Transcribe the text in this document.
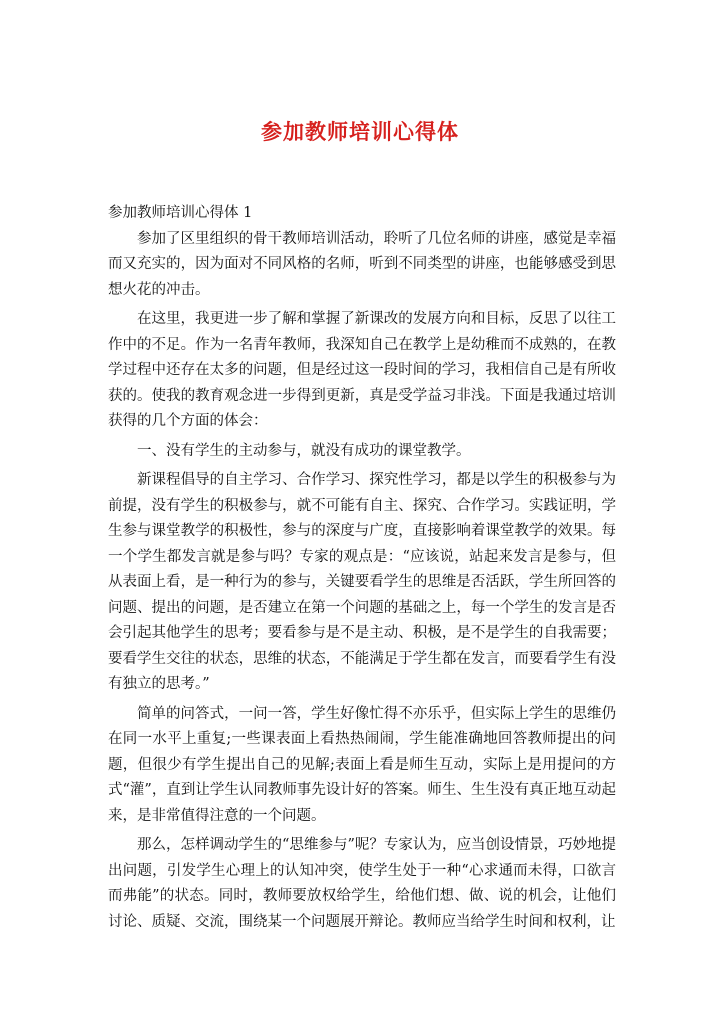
参加教师培训心得体

参加教师培训心得体 1

参加了区里组织的骨干教师培训活动，聆听了几位名师的讲座，感觉是幸福而又充实的，因为面对不同风格的名师，听到不同类型的讲座，也能够感受到思想火花的冲击。

在这里，我更进一步了解和掌握了新课改的发展方向和目标，反思了以往工作中的不足。作为一名青年教师，我深知自己在教学上是幼稚而不成熟的，在教学过程中还存在太多的问题，但是经过这一段时间的学习，我相信自己是有所收获的。使我的教育观念进一步得到更新，真是受学益习非浅。下面是我通过培训获得的几个方面的体会：

一、没有学生的主动参与，就没有成功的课堂教学。

新课程倡导的自主学习、合作学习、探究性学习，都是以学生的积极参与为前提，没有学生的积极参与，就不可能有自主、探究、合作学习。实践证明，学生参与课堂教学的积极性，参与的深度与广度，直接影响着课堂教学的效果。每一个学生都发言就是参与吗？专家的观点是：“应该说，站起来发言是参与，但从表面上看，是一种行为的参与，关键要看学生的思维是否活跃，学生所回答的问题、提出的问题，是否建立在第一个问题的基础之上，每一个学生的发言是否会引起其他学生的思考；要看参与是不是主动、积极，是不是学生的自我需要；要看学生交往的状态，思维的状态，不能满足于学生都在发言，而要看学生有没有独立的思考。”

简单的问答式，一问一答，学生好像忙得不亦乐乎，但实际上学生的思维仍在同一水平上重复;一些课表面上看热热闹闹，学生能准确地回答教师提出的问题，但很少有学生提出自己的见解;表面上看是师生互动，实际上是用提问的方式“灌”，直到让学生认同教师事先设计好的答案。师生、生生没有真正地互动起来，是非常值得注意的一个问题。

那么，怎样调动学生的“思维参与”呢？专家认为，应当创设情景，巧妙地提出问题，引发学生心理上的认知冲突，使学生处于一种“心求通而未得，口欲言而弗能”的状态。同时，教师要放权给学生，给他们想、做、说的机会，让他们讨论、质疑、交流，围绕某一个问题展开辩论。教师应当给学生时间和权利，让
